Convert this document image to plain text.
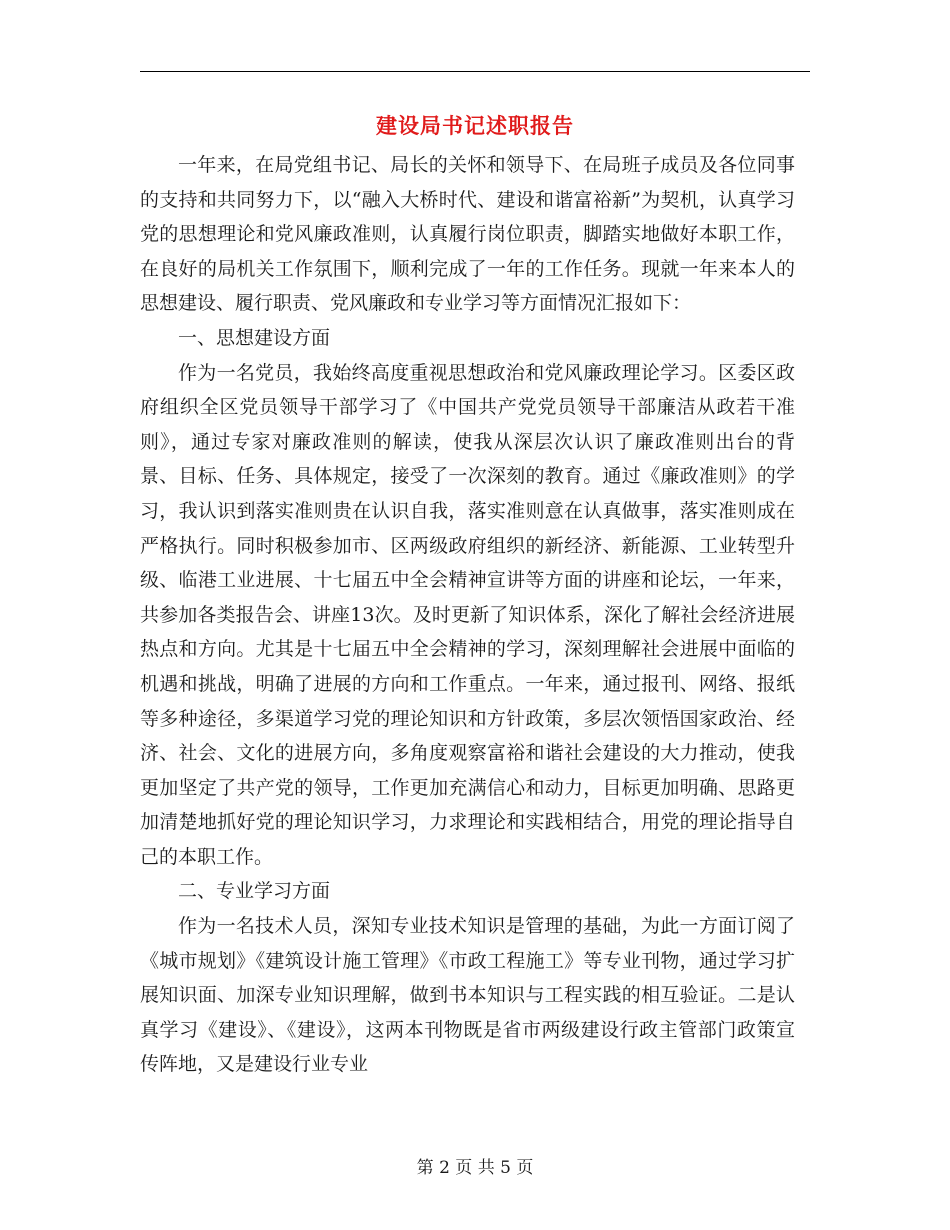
建设局书记述职报告

一年来，在局党组书记、局长的关怀和领导下、在局班子成员及各位同事的支持和共同努力下，以“融入大桥时代、建设和谐富裕新”为契机，认真学习党的思想理论和党风廉政准则，认真履行岗位职责，脚踏实地做好本职工作，在良好的局机关工作氛围下，顺利完成了一年的工作任务。现就一年来本人的思想建设、履行职责、党风廉政和专业学习等方面情况汇报如下：

一、思想建设方面

作为一名党员，我始终高度重视思想政治和党风廉政理论学习。区委区政府组织全区党员领导干部学习了《中国共产党党员领导干部廉洁从政若干准则》，通过专家对廉政准则的解读，使我从深层次认识了廉政准则出台的背景、目标、任务、具体规定，接受了一次深刻的教育。通过《廉政准则》的学习，我认识到落实准则贵在认识自我，落实准则意在认真做事，落实准则成在严格执行。同时积极参加市、区两级政府组织的新经济、新能源、工业转型升级、临港工业进展、十七届五中全会精神宣讲等方面的讲座和论坛，一年来，共参加各类报告会、讲座13次。及时更新了知识体系，深化了解社会经济进展热点和方向。尤其是十七届五中全会精神的学习，深刻理解社会进展中面临的机遇和挑战，明确了进展的方向和工作重点。一年来，通过报刊、网络、报纸等多种途径，多渠道学习党的理论知识和方针政策，多层次领悟国家政治、经济、社会、文化的进展方向，多角度观察富裕和谐社会建设的大力推动，使我更加坚定了共产党的领导，工作更加充满信心和动力，目标更加明确、思路更加清楚地抓好党的理论知识学习，力求理论和实践相结合，用党的理论指导自己的本职工作。

二、专业学习方面

作为一名技术人员，深知专业技术知识是管理的基础，为此一方面订阅了《城市规划》《建筑设计施工管理》《市政工程施工》等专业刊物，通过学习扩展知识面、加深专业知识理解，做到书本知识与工程实践的相互验证。二是认真学习《建设》、《建设》，这两本刊物既是省市两级建设行政主管部门政策宣传阵地，又是建设行业专业

第 2 页 共 5 页
